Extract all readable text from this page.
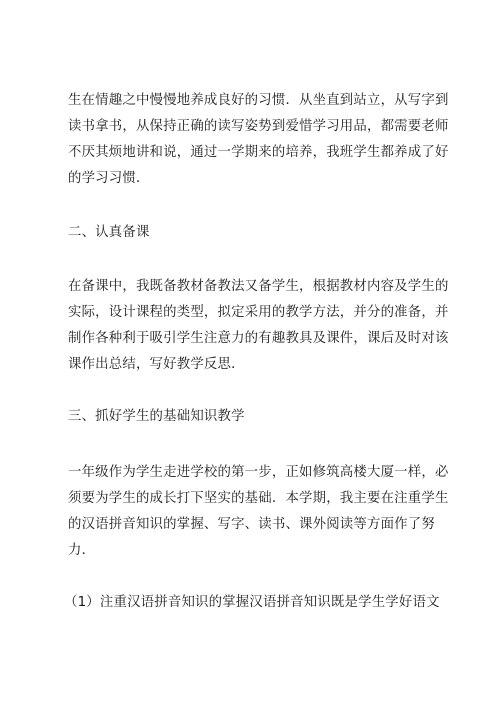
生在情趣之中慢慢地养成良好的习惯．从坐直到站立，从写字到
读书拿书，从保持正确的读写姿势到爱惜学习用品，都需要老师
不厌其烦地讲和说，通过一学期来的培养，我班学生都养成了好
的学习习惯．
二、认真备课
在备课中，我既备教材备教法又备学生，根据教材内容及学生的
实际，设计课程的类型，拟定采用的教学方法，并分的准备，并
制作各种利于吸引学生注意力的有趣教具及课件，课后及时对该
课作出总结，写好教学反思．
三、抓好学生的基础知识教学
一年级作为学生走进学校的第一步，正如修筑高楼大厦一样，必
须要为学生的成长打下坚实的基础．本学期，我主要在注重学生
的汉语拼音知识的掌握、写字、读书、课外阅读等方面作了努
力．
（1）注重汉语拼音知识的掌握汉语拼音知识既是学生学好语文
